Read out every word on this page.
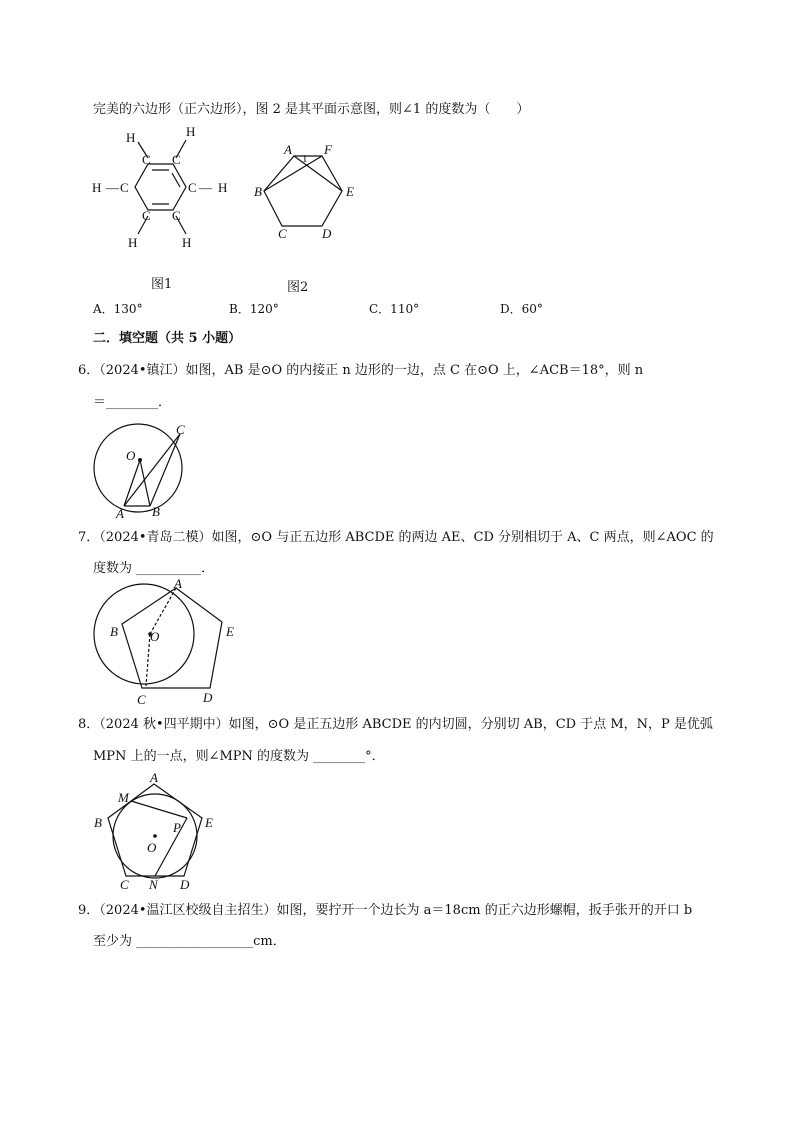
完美的六边形（正六边形），图 2 是其平面示意图，则∠1 的度数为（　　）
H	H
C C
H — C	C — H
C C
H	H
A
1
F
B	E
C	D
图1	图2
A．130°	B．120°	C．110°	D．60°
二．填空题（共 5 小题）
6．（2024•镇江）如图，AB 是⊙O 的内接正 n 边形的一边，点 C 在⊙O 上，∠ACB＝18°，则 n
＝________．
O
C
A B
7．（2024•青岛二模）如图，⊙O 与正五边形 ABCDE 的两边 AE、CD 分别相切于 A、C 两点，则∠AOC 的
度数为 __________．
A
B O	E
C	D
8．（2024 秋•四平期中）如图，⊙O 是正五边形 ABCDE 的内切圆，分别切 AB，CD 于点 M，N，P 是优弧
MPN 上的一点，则∠MPN 的度数为 ________°．
A
M
B	P E
O
C N D
9．（2024•温江区校级自主招生）如图，要拧开一个边长为 a＝18cm 的正六边形螺帽，扳手张开的开口 b
至少为 __________________cm．
